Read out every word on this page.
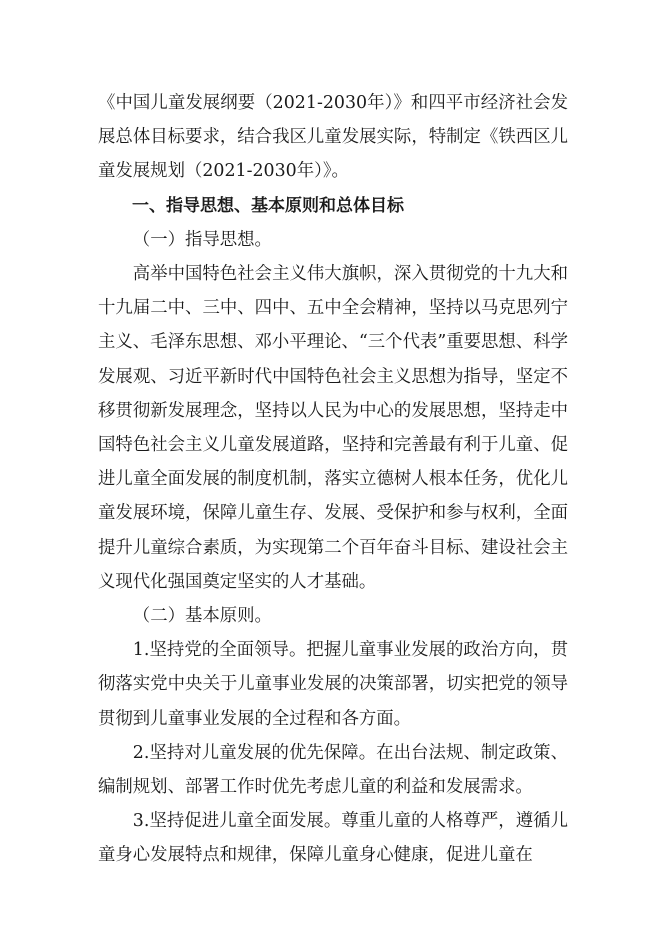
《中国儿童发展纲要（2021-2030年）》和四平市经济社会发展总体目标要求，结合我区儿童发展实际，特制定《铁西区儿童发展规划（2021-2030年）》。

一、指导思想、基本原则和总体目标

（一）指导思想。

高举中国特色社会主义伟大旗帜，深入贯彻党的十九大和十九届二中、三中、四中、五中全会精神，坚持以马克思列宁主义、毛泽东思想、邓小平理论、“三个代表”重要思想、科学发展观、习近平新时代中国特色社会主义思想为指导，坚定不移贯彻新发展理念，坚持以人民为中心的发展思想，坚持走中国特色社会主义儿童发展道路，坚持和完善最有利于儿童、促进儿童全面发展的制度机制，落实立德树人根本任务，优化儿童发展环境，保障儿童生存、发展、受保护和参与权利，全面提升儿童综合素质，为实现第二个百年奋斗目标、建设社会主义现代化强国奠定坚实的人才基础。

（二）基本原则。

1.坚持党的全面领导。把握儿童事业发展的政治方向，贯彻落实党中央关于儿童事业发展的决策部署，切实把党的领导贯彻到儿童事业发展的全过程和各方面。

2.坚持对儿童发展的优先保障。在出台法规、制定政策、编制规划、部署工作时优先考虑儿童的利益和发展需求。

3.坚持促进儿童全面发展。尊重儿童的人格尊严，遵循儿童身心发展特点和规律，保障儿童身心健康，促进儿童在
